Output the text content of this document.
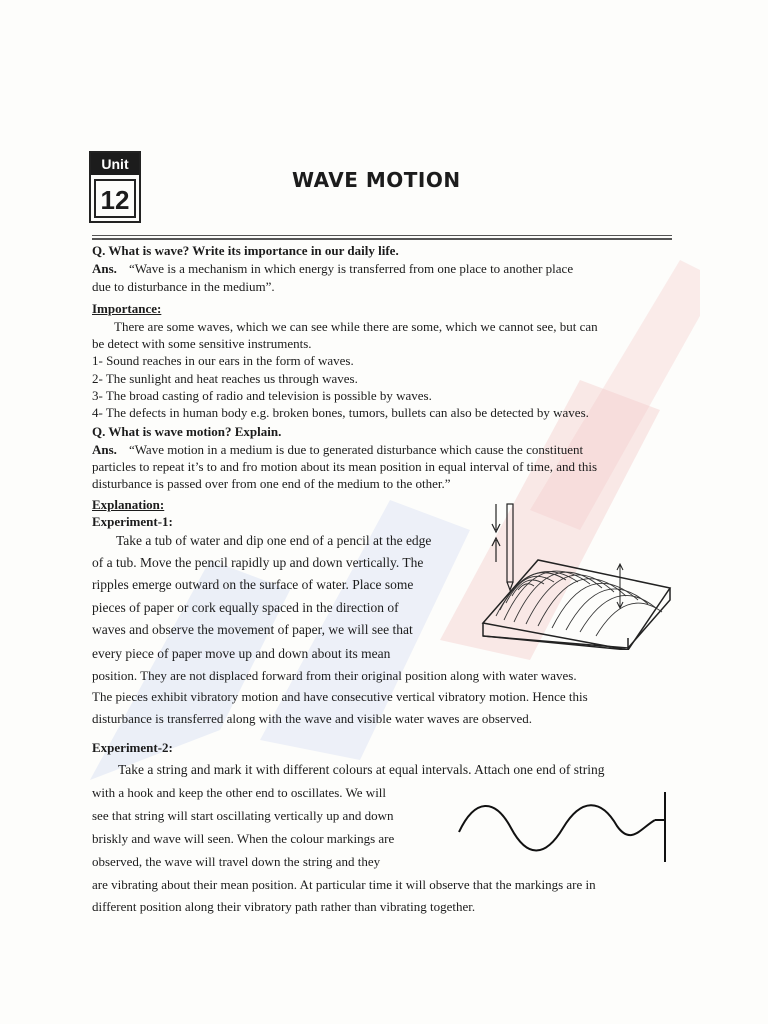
Unit
12
WAVE MOTION
Q. What is wave? Write its importance in our daily life.
Ans. “Wave is a mechanism in which energy is transferred from one place to another place
due to disturbance in the medium”.
Importance:
There are some waves, which we can see while there are some, which we cannot see, but can
be detect with some sensitive instruments.
1- Sound reaches in our ears in the form of waves.
2- The sunlight and heat reaches us through waves.
3- The broad casting of radio and television is possible by waves.
4- The defects in human body e.g. broken bones, tumors, bullets can also be detected by waves.
Q. What is wave motion? Explain.
Ans. “Wave motion in a medium is due to generated disturbance which cause the constituent
particles to repeat it’s to and fro motion about its mean position in equal interval of time, and this
disturbance is passed over from one end of the medium to the other.”
Explanation:
Experiment-1:
Take a tub of water and dip one end of a pencil at the edge
of a tub. Move the pencil rapidly up and down vertically. The
ripples emerge outward on the surface of water. Place some
pieces of paper or cork equally spaced in the direction of
waves and observe the movement of paper, we will see that
every piece of paper move up and down about its mean
position. They are not displaced forward from their original position along with water waves.
The pieces exhibit vibratory motion and have consecutive vertical vibratory motion. Hence this
disturbance is transferred along with the wave and visible water waves are observed.
Experiment-2:
Take a string and mark it with different colours at equal intervals. Attach one end of string
with a hook and keep the other end to oscillates. We will
see that string will start oscillating vertically up and down
briskly and wave will seen. When the colour markings are
observed, the wave will travel down the string and they
are vibrating about their mean position. At particular time it will observe that the markings are in
different position along their vibratory path rather than vibrating together.
